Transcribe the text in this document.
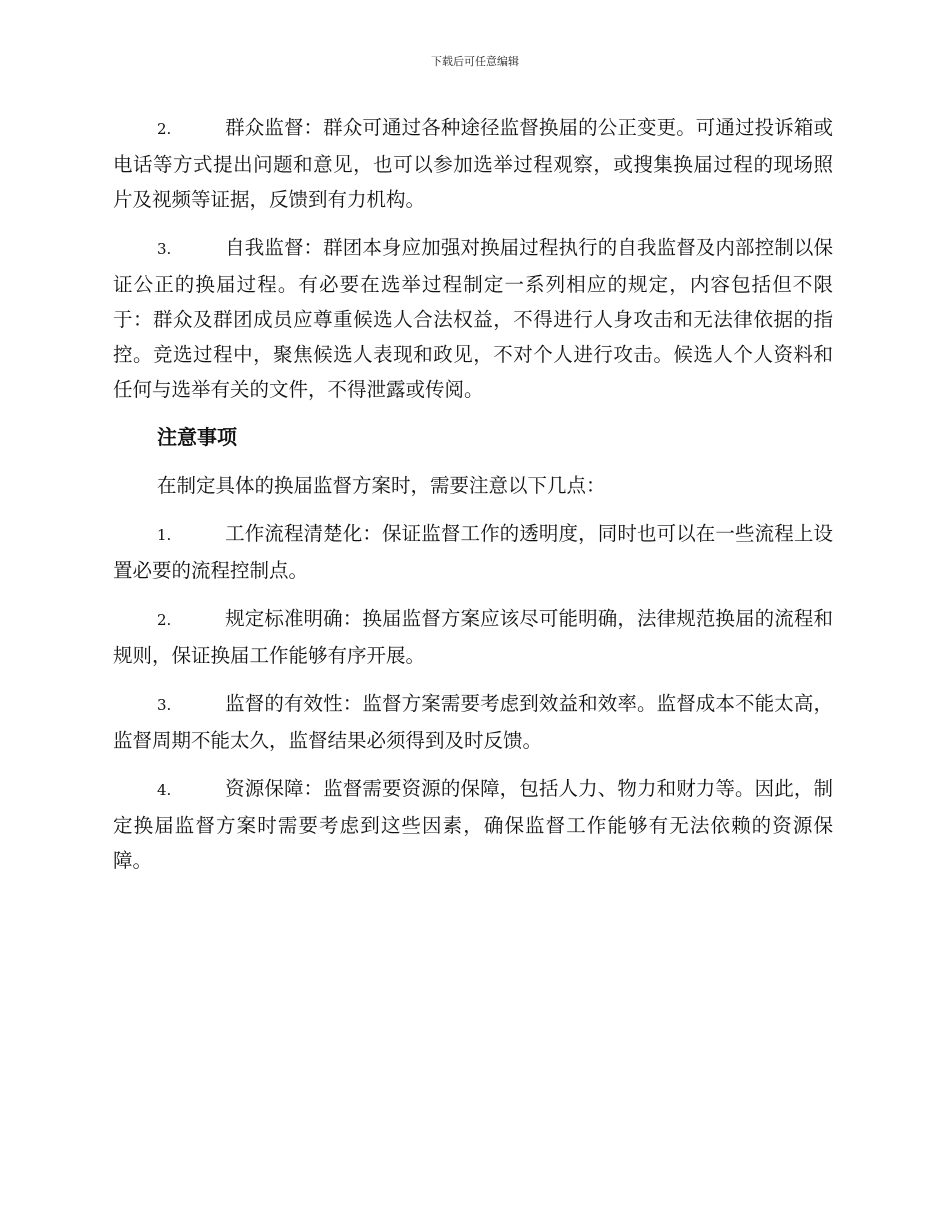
下载后可任意编辑

2.	群众监督：群众可通过各种途径监督换届的公正变更。可通过投诉箱或电话等方式提出问题和意见，也可以参加选举过程观察，或搜集换届过程的现场照片及视频等证据，反馈到有力机构。

3.	自我监督：群团本身应加强对换届过程执行的自我监督及内部控制以保证公正的换届过程。有必要在选举过程制定一系列相应的规定，内容包括但不限于：群众及群团成员应尊重候选人合法权益，不得进行人身攻击和无法律依据的指控。竞选过程中，聚焦候选人表现和政见，不对个人进行攻击。候选人个人资料和任何与选举有关的文件，不得泄露或传阅。

注意事项

在制定具体的换届监督方案时，需要注意以下几点：

1.	工作流程清楚化：保证监督工作的透明度，同时也可以在一些流程上设置必要的流程控制点。

2.	规定标准明确：换届监督方案应该尽可能明确，法律规范换届的流程和规则，保证换届工作能够有序开展。

3.	监督的有效性：监督方案需要考虑到效益和效率。监督成本不能太高，监督周期不能太久，监督结果必须得到及时反馈。

4.	资源保障：监督需要资源的保障，包括人力、物力和财力等。因此，制定换届监督方案时需要考虑到这些因素，确保监督工作能够有无法依赖的资源保障。
